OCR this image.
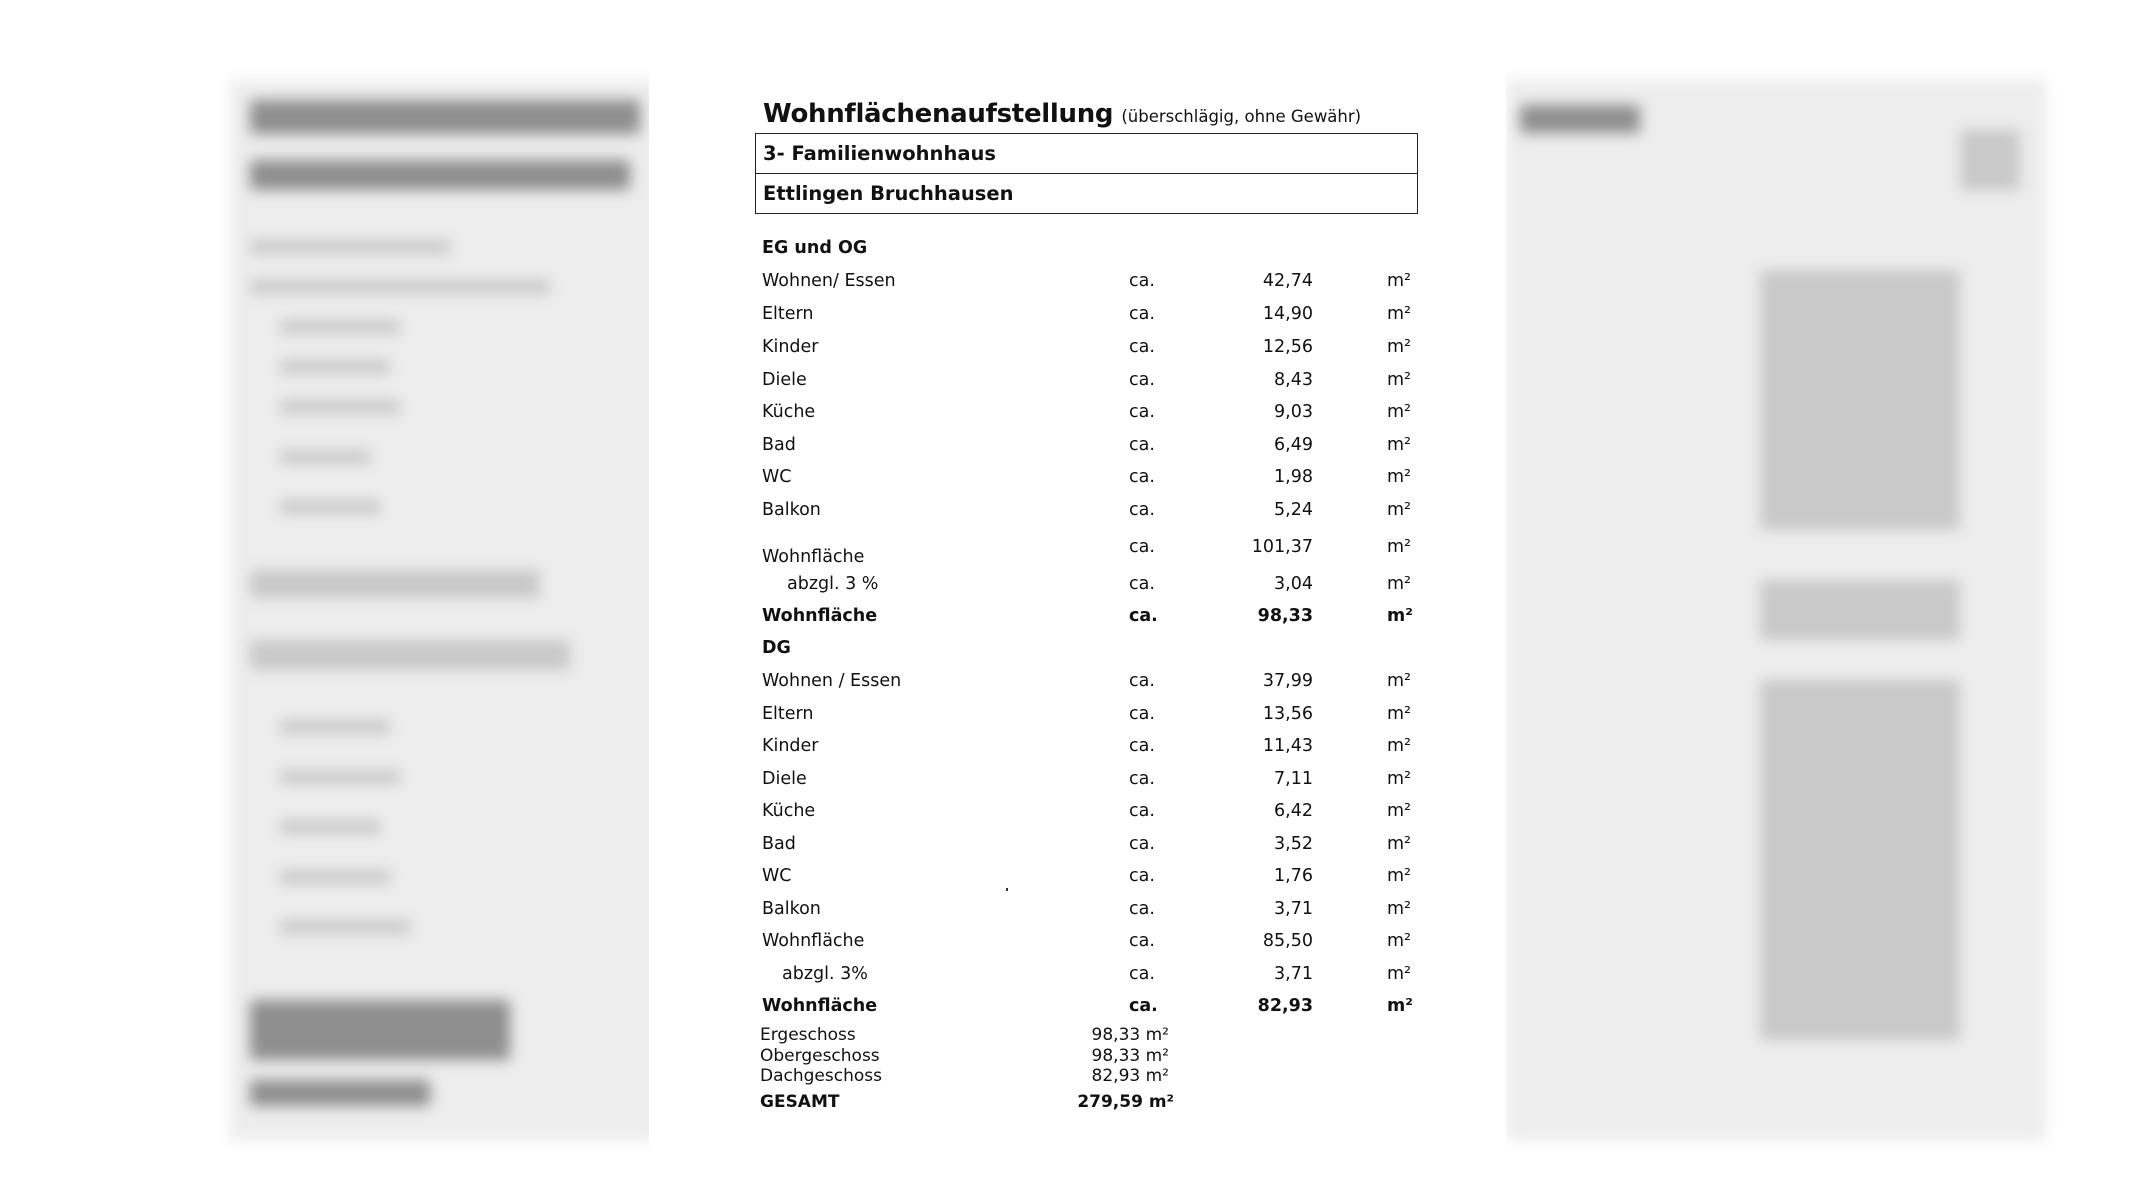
Wohnflächenaufstellung (überschlägig, ohne Gewähr)
3- Familienwohnhaus
Ettlingen Bruchhausen
EG und OG
Wohnen/ Essen	ca.	42,74	m²
Eltern	ca.	14,90	m²
Kinder	ca.	12,56	m²
Diele	ca.	8,43	m²
Küche	ca.	9,03	m²
Bad	ca.	6,49	m²
WC	ca.	1,98	m²
Balkon	ca.	5,24	m²
Wohnfläche	ca.	101,37	m²
abzgl. 3 %	ca.	3,04	m²
Wohnfläche	ca.	98,33	m²
DG
Wohnen / Essen	ca.	37,99	m²
Eltern	ca.	13,56	m²
Kinder	ca.	11,43	m²
Diele	ca.	7,11	m²
Küche	ca.	6,42	m²
Bad	ca.	3,52	m²
WC	ca.	1,76	m²
Balkon	ca.	3,71	m²
Wohnfläche	ca.	85,50	m²
abzgl. 3%	ca.	3,71	m²
Wohnfläche	ca.	82,93	m²
Ergeschoss	98,33 m²
Obergeschoss	98,33 m²
Dachgeschoss	82,93 m²
GESAMT	279,59 m²
